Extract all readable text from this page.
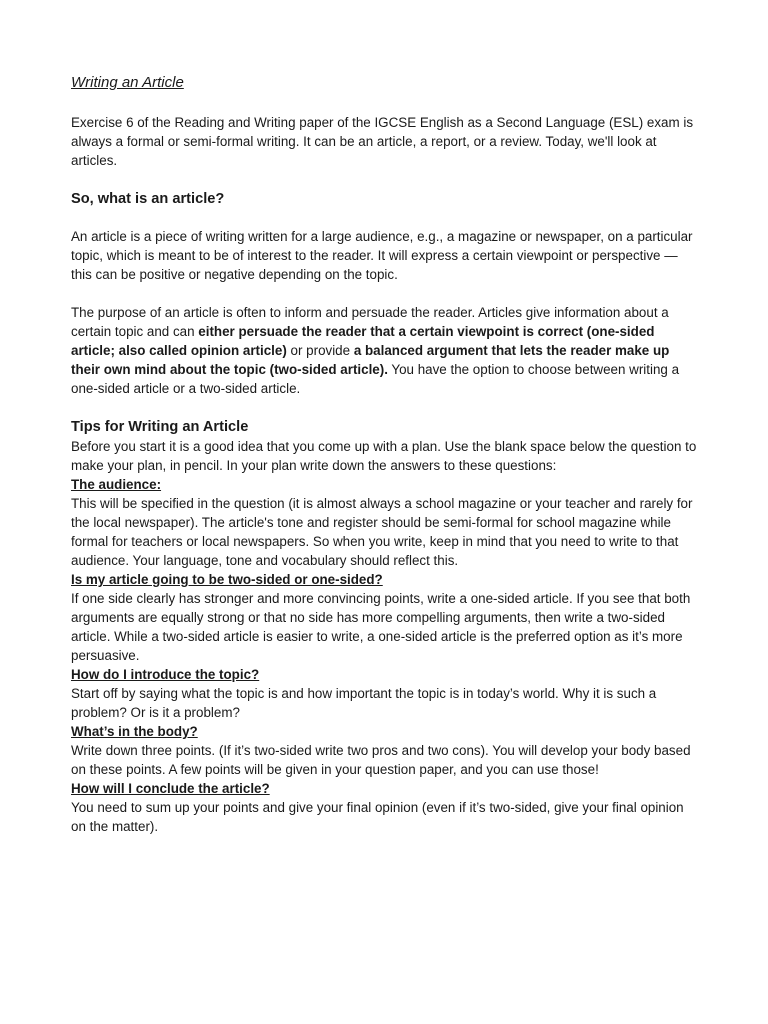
Writing an Article

Exercise 6 of the Reading and Writing paper of the IGCSE English as a Second Language (ESL) exam is always a formal or semi-formal writing. It can be an article, a report, or a review. Today, we'll look at articles.

So, what is an article?

An article is a piece of writing written for a large audience, e.g., a magazine or newspaper, on a particular topic, which is meant to be of interest to the reader. It will express a certain viewpoint or perspective — this can be positive or negative depending on the topic.

The purpose of an article is often to inform and persuade the reader. Articles give information about a certain topic and can either persuade the reader that a certain viewpoint is correct (one-sided article; also called opinion article) or provide a balanced argument that lets the reader make up their own mind about the topic (two-sided article). You have the option to choose between writing a one-sided article or a two-sided article.

Tips for Writing an Article

Before you start it is a good idea that you come up with a plan. Use the blank space below the question to make your plan, in pencil. In your plan write down the answers to these questions:

The audience:

This will be specified in the question (it is almost always a school magazine or your teacher and rarely for the local newspaper). The article's tone and register should be semi-formal for school magazine while formal for teachers or local newspapers. So when you write, keep in mind that you need to write to that audience. Your language, tone and vocabulary should reflect this.

Is my article going to be two-sided or one-sided?

If one side clearly has stronger and more convincing points, write a one-sided article. If you see that both arguments are equally strong or that no side has more compelling arguments, then write a two-sided article. While a two-sided article is easier to write, a one-sided article is the preferred option as it’s more persuasive.

How do I introduce the topic?

Start off by saying what the topic is and how important the topic is in today’s world. Why it is such a problem? Or is it a problem?

What’s in the body?

Write down three points. (If it’s two-sided write two pros and two cons). You will develop your body based on these points. A few points will be given in your question paper, and you can use those!

How will I conclude the article?

You need to sum up your points and give your final opinion (even if it’s two-sided, give your final opinion on the matter).
